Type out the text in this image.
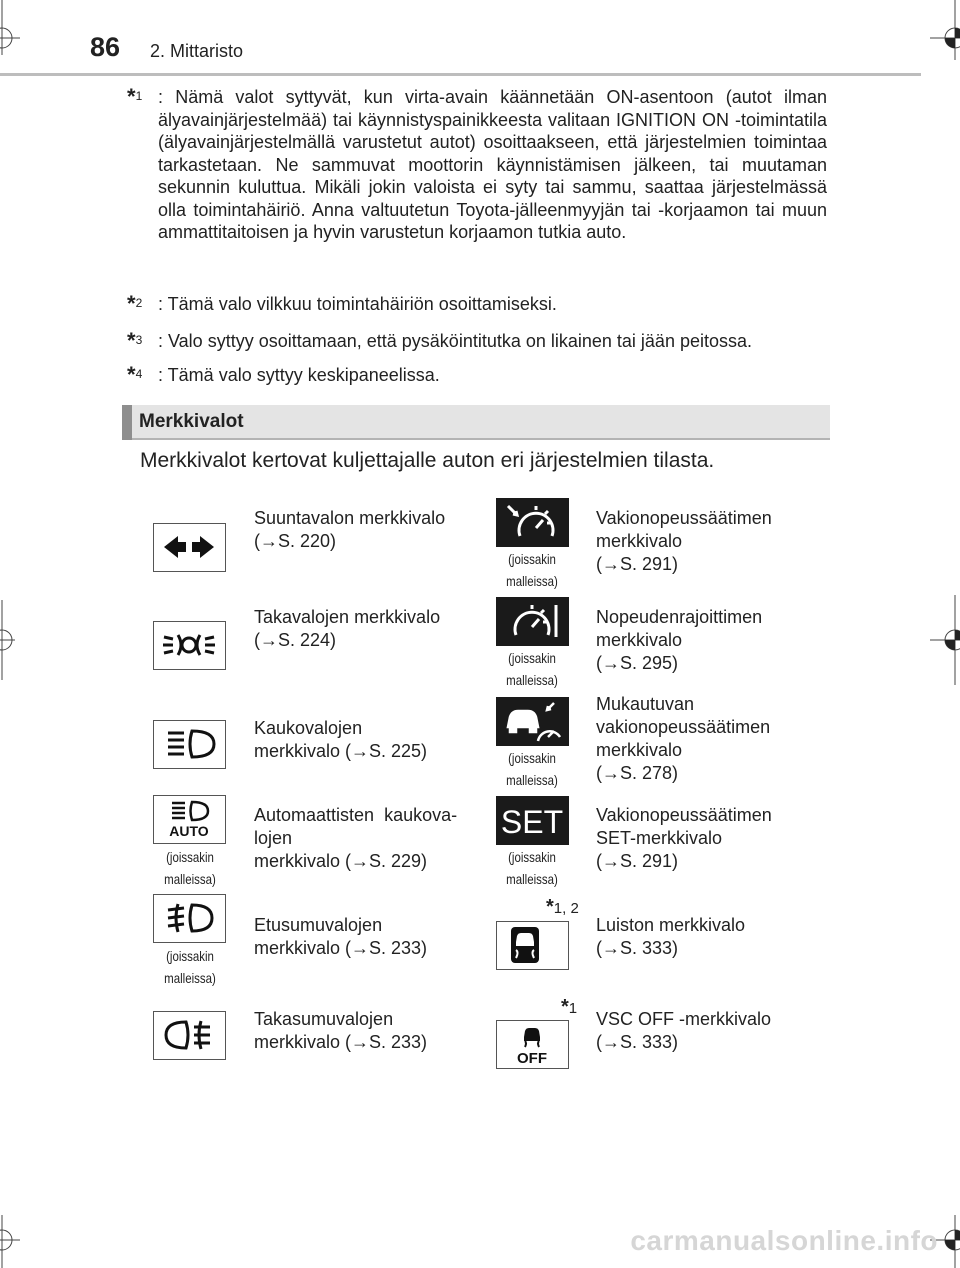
86 2. Mittaristo
*$^1$ : Nämä valot syttyvät, kun virta-avain käännetään ON-asentoon (autot ilman älyavainjärjestelmää) tai käynnistyspainikkeesta valitaan IGNITION ON -toimintatila (älyavainjärjestelmällä varustetut autot) osoittaakseen, että järjestelmien toimintaa tarkastetaan. Ne sammuvat moottorin käynnistämisen jälkeen, tai muutaman sekunnin kuluttua. Mikäli jokin valoista ei syty tai sammu, saattaa järjestelmässä olla toimintahäiriö. Anna valtuutetun Toyota-jälleenmyyjän tai -korjaamon tai muun ammattitaitoisen ja hyvin varustetun korjaamon tutkia auto.
*$^2$ : Tämä valo vilkkuu toimintahäiriön osoittamiseksi.
*$^3$ : Valo syttyy osoittamaan, että pysäköintitutka on likainen tai jään peitossa.
*$^4$ : Tämä valo syttyy keskipaneelissa.
Merkkivalot
Merkkivalot kertovat kuljettajalle auton eri järjestelmien tilasta.
AUTO
(joissakin
malleissa)
(joissakin
malleissa)
Suuntavalon merkkivalo
(→S. 220)
Takavalojen merkkivalo
(→S. 224)
Kaukovalojen
merkkivalo (→S. 225)
Automaattisten  kaukova-
lojen
merkkivalo (→S. 229)
Etusumuvalojen
merkkivalo (→S. 233)
Takasumuvalojen
merkkivalo (→S. 233)
SET
OFF
(joissakin
malleissa)
(joissakin
malleissa)
(joissakin
malleissa)
(joissakin
malleissa)
*1, 2
*1
Vakionopeussäätimen
merkkivalo
(→S. 291)
Nopeudenrajoittimen
merkkivalo
(→S. 295)
Mukautuvan
vakionopeussäätimen
merkkivalo
(→S. 278)
Vakionopeussäätimen
SET-merkkivalo
(→S. 291)
Luiston merkkivalo
(→S. 333)
VSC OFF -merkkivalo
(→S. 333)
carmanualsonline.info
